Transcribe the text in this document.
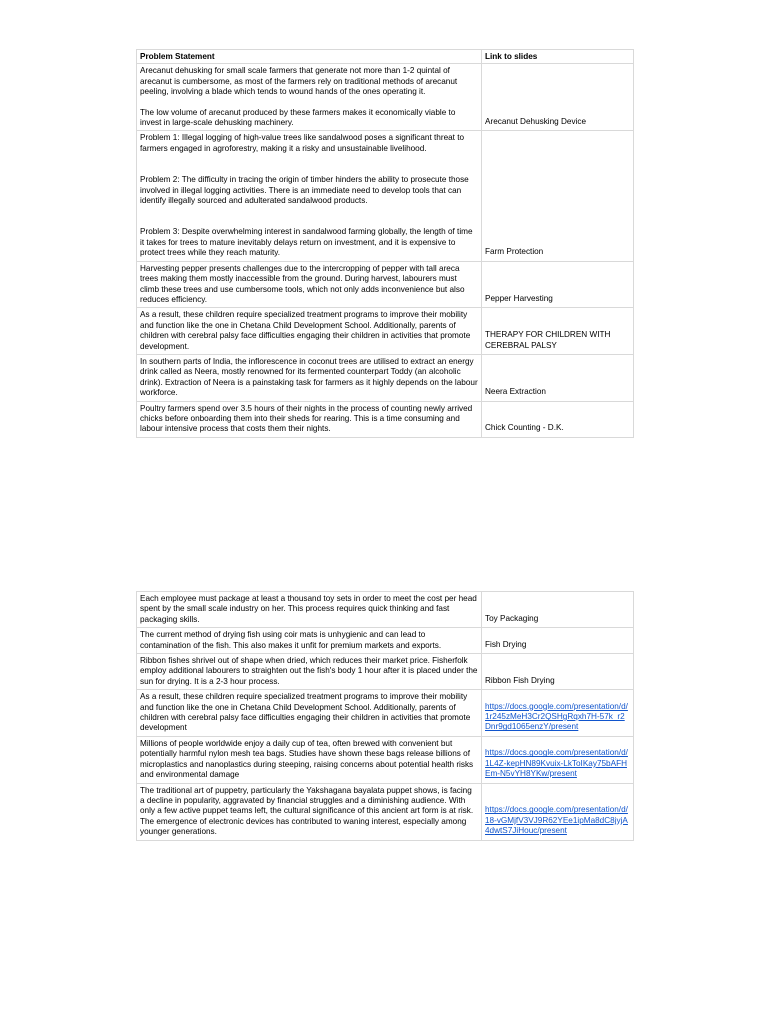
Problem Statement	Link to slides

Arecanut dehusking for small scale farmers that generate not more than 1-2 quintal of arecanut is cumbersome, as most of the farmers rely on traditional methods of arecanut peeling, involving a blade which tends to wound hands of the ones operating it.
The low volume of arecanut produced by these farmers makes it economically viable to invest in large-scale dehusking machinery.	Arecanut Dehusking Device

Problem 1: Illegal logging of high-value trees like sandalwood poses a significant threat to farmers engaged in agroforestry, making it a risky and unsustainable livelihood.
Problem 2: The difficulty in tracing the origin of timber hinders the ability to prosecute those involved in illegal logging activities. There is an immediate need to develop tools that can identify illegally sourced and adulterated sandalwood products.
Problem 3: Despite overwhelming interest in sandalwood farming globally, the length of time it takes for trees to mature inevitably delays return on investment, and it is expensive to protect trees while they reach maturity.	Farm Protection

Harvesting pepper presents challenges due to the intercropping of pepper with tall areca trees making them mostly inaccessible from the ground. During harvest, labourers must climb these trees and use cumbersome tools, which not only adds inconvenience but also reduces efficiency.	Pepper Harvesting

As a result, these children require specialized treatment programs to improve their mobility and function like the one in Chetana Child Development School. Additionally, parents of children with cerebral palsy face difficulties engaging their children in activities that promote development.	THERAPY FOR CHILDREN WITH CEREBRAL PALSY

In southern parts of India, the inflorescence in coconut trees are utilised to extract an energy drink called as Neera, mostly renowned for its fermented counterpart Toddy (an alcoholic drink). Extraction of Neera is a painstaking task for farmers as it highly depends on the labour workforce.	Neera Extraction

Poultry farmers spend over 3.5 hours of their nights in the process of counting newly arrived chicks before onboarding them into their sheds for rearing. This is a time consuming and labour intensive process that costs them their nights.	Chick Counting - D.K.
Each employee must package at least a thousand toy sets in order to meet the cost per head spent by the small scale industry on her. This process requires quick thinking and fast packaging skills.	Toy Packaging
The current method of drying fish using coir mats is unhygienic and can lead to contamination of the fish. This also makes it unfit for premium markets and exports.	Fish Drying
Ribbon fishes shrivel out of shape when dried, which reduces their market price. Fisherfolk employ additional labourers to straighten out the fish's body 1 hour after it is placed under the sun for drying. It is a 2-3 hour process.	Ribbon Fish Drying
As a result, these children require specialized treatment programs to improve their mobility and function like the one in Chetana Child Development School. Additionally, parents of children with cerebral palsy face difficulties engaging their children in activities that promote development	https://docs.google.com/presentation/d/1r245zMeH3Cr2QSHgRqxh7H-57k_r2Dnr9gd1065enzY/present
Millions of people worldwide enjoy a daily cup of tea, often brewed with convenient but potentially harmful nylon mesh tea bags. Studies have shown these bags release billions of microplastics and nanoplastics during steeping, raising concerns about potential health risks and environmental damage	https://docs.google.com/presentation/d/1L4Z-kepHN89Kvuix-LkToIKay75bAFHEm-N5vYH8YKw/present
The traditional art of puppetry, particularly the Yakshagana bayalata puppet shows, is facing a decline in popularity, aggravated by financial struggles and a diminishing audience. With only a few active puppet teams left, the cultural significance of this ancient art form is at risk. The emergence of electronic devices has contributed to waning interest, especially among younger generations.	https://docs.google.com/presentation/d/18-vGMjfV3VJ9R62YEe1ipMa8dC8jyjA4dwtS7JiHouc/present
